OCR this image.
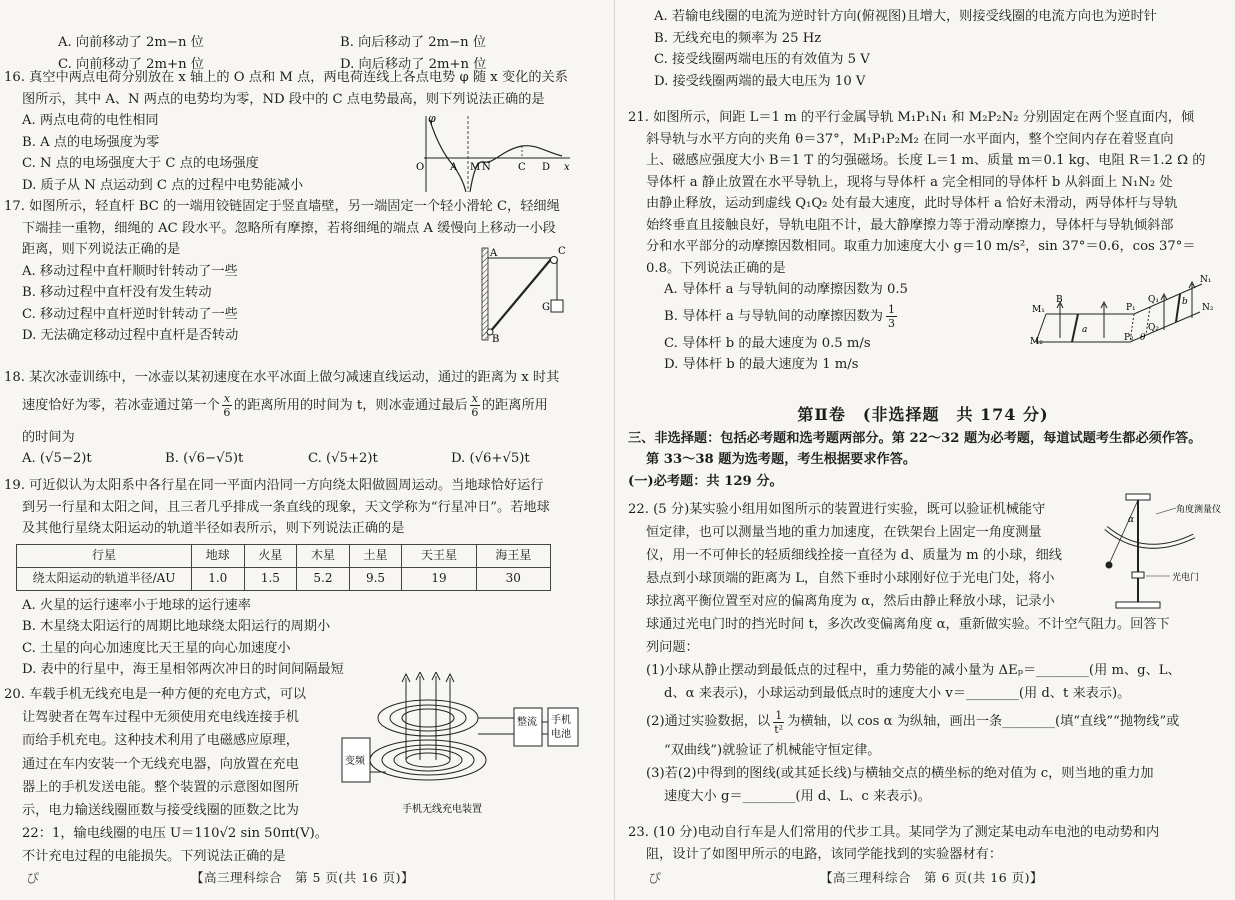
A. 向前移动了 2m−n 位	B. 向后移动了 2m−n 位
C. 向前移动了 2m+n 位	D. 向后移动了 2m+n 位
16. 真空中两点电荷分别放在 x 轴上的 O 点和 M 点，两电荷连线上各点电势 φ 随 x 变化的关系
图所示，其中 A、N 两点的电势均为零，ND 段中的 C 点电势最高，则下列说法正确的是
A. 两点电荷的电性相同
B. A 点的电场强度为零
C. N 点的电场强度大于 C 点的电场强度
D. 质子从 N 点运动到 C 点的过程中电势能减小
φ
O	A M N	C D x
17. 如图所示，轻直杆 BC 的一端用铰链固定于竖直墙壁，另一端固定一个轻小滑轮 C，轻细绳
下端挂一重物，细绳的 AC 段水平。忽略所有摩擦，若将细绳的端点 A 缓慢向上移动一小段
距离，则下列说法正确的是
A. 移动过程中直杆顺时针转动了一些
B. 移动过程中直杆没有发生转动
C. 移动过程中直杆逆时针转动了一些
D. 无法确定移动过程中直杆是否转动
A	C
G
B
18. 某次冰壶训练中，一冰壶以某初速度在水平冰面上做匀减速直线运动，通过的距离为 x 时其
速度恰好为零，若冰壶通过第一个 $\frac{x}{6}$ 的距离所用的时间为 t，则冰壶通过最后 $\frac{x}{6}$ 的距离所用
的时间为
A. (√5−2)t	B. (√6−√5)t	C. (√5+2)t	D. (√6+√5)t
19. 可近似认为太阳系中各行星在同一平面内沿同一方向绕太阳做圆周运动。当地球恰好运行
到另一行星和太阳之间，且三者几乎排成一条直线的现象，天文学称为“行星冲日”。若地球
及其他行星绕太阳运动的轨道半径如表所示，则下列说法正确的是
行星	地球	火星	木星	土星	天王星	海王星
绕太阳运动的轨道半径/AU	1.0	1.5	5.2	9.5	19	30
A. 火星的运行速率小于地球的运行速率
B. 木星绕太阳运行的周期比地球绕太阳运行的周期小
C. 土星的向心加速度比天王星的向心加速度小
D. 表中的行星中，海王星相邻两次冲日的时间间隔最短
20. 车载手机无线充电是一种方便的充电方式，可以
让驾驶者在驾车过程中无须使用充电线连接手机
而给手机充电。这种技术利用了电磁感应原理，
通过在车内安装一个无线充电器，向放置在充电
器上的手机发送电能。整个装置的示意图如图所
示，电力输送线圈匝数与接受线圈的匝数之比为
22：1，输电线圈的电压 U＝110√2 sin 50πt(V)。
不计充电过程的电能损失。下列说法正确的是
整流 手机
电池
变频
手机无线充电装置
【高三理科综合　第 5 页(共 16 页)】
ぴ
A. 若输电线圈的电流为逆时针方向(俯视图)且增大，则接受线圈的电流方向也为逆时针
B. 无线充电的频率为 25 Hz
C. 接受线圈两端电压的有效值为 5 V
D. 接受线圈两端的最大电压为 10 V
21. 如图所示，间距 L＝1 m 的平行金属导轨 M₁P₁N₁ 和 M₂P₂N₂ 分别固定在两个竖直面内，倾
斜导轨与水平方向的夹角 θ＝37°，M₁P₁P₂M₂ 在同一水平面内，整个空间内存在着竖直向
上、磁感应强度大小 B＝1 T 的匀强磁场。长度 L＝1 m、质量 m＝0.1 kg、电阻 R＝1.2 Ω 的
导体杆 a 静止放置在水平导轨上，现将与导体杆 a 完全相同的导体杆 b 从斜面上 N₁N₂ 处
由静止释放，运动到虚线 Q₁Q₂ 处有最大速度，此时导体杆 a 恰好未滑动，两导体杆与导轨
始终垂直且接触良好，导轨电阻不计，最大静摩擦力等于滑动摩擦力，导体杆与导轨倾斜部
分和水平部分的动摩擦因数相同。取重力加速度大小 g＝10 m/s²，sin 37°＝0.6，cos 37°＝
0.8。下列说法正确的是
A. 导体杆 a 与导轨间的动摩擦因数为 0.5
B. 导体杆 a 与导轨间的动摩擦因数为 $\frac{1}{3}$
C. 导体杆 b 的最大速度为 0.5 m/s
D. 导体杆 b 的最大速度为 1 m/s
M₁
B
P₁
Q₁
N₁
N₂
Q₂
M₂	P₂ θ
a
b
第Ⅱ卷　(非选择题　共 174 分)
三、非选择题：包括必考题和选考题两部分。第 22～32 题为必考题，每道试题考生都必须作答。
第 33～38 题为选考题，考生根据要求作答。
(一)必考题：共 129 分。
22. (5 分)某实验小组用如图所示的装置进行实验，既可以验证机械能守
恒定律，也可以测量当地的重力加速度，在铁架台上固定一角度测量
仪，用一不可伸长的轻质细线拴接一直径为 d、质量为 m 的小球，细线
悬点到小球顶端的距离为 L，自然下垂时小球刚好位于光电门处，将小
球拉离平衡位置至对应的偏离角度为 α，然后由静止释放小球，记录小
球通过光电门时的挡光时间 t，多次改变偏离角度 α，重新做实验。不计空气阻力。回答下
列问题：
(1)小球从静止摆动到最低点的过程中，重力势能的减小量为 ΔEₚ＝________(用 m、g、L、
d、α 来表示)，小球运动到最低点时的速度大小 v＝________(用 d、t 来表示)。
(2)通过实验数据，以 $\frac{1}{\text{t²}}$ 为横轴，以 cos α 为纵轴，画出一条________(填“直线”“抛物线”或
“双曲线”)就验证了机械能守恒定律。
(3)若(2)中得到的图线(或其延长线)与横轴交点的横坐标的绝对值为 c，则当地的重力加
速度大小 g＝________(用 d、L、c 来表示)。
角度测量仪
光电门
α
23. (10 分)电动自行车是人们常用的代步工具。某同学为了测定某电动车电池的电动势和内
阻，设计了如图甲所示的电路，该同学能找到的实验器材有：
【高三理科综合　第 6 页(共 16 页)】
ぴ
